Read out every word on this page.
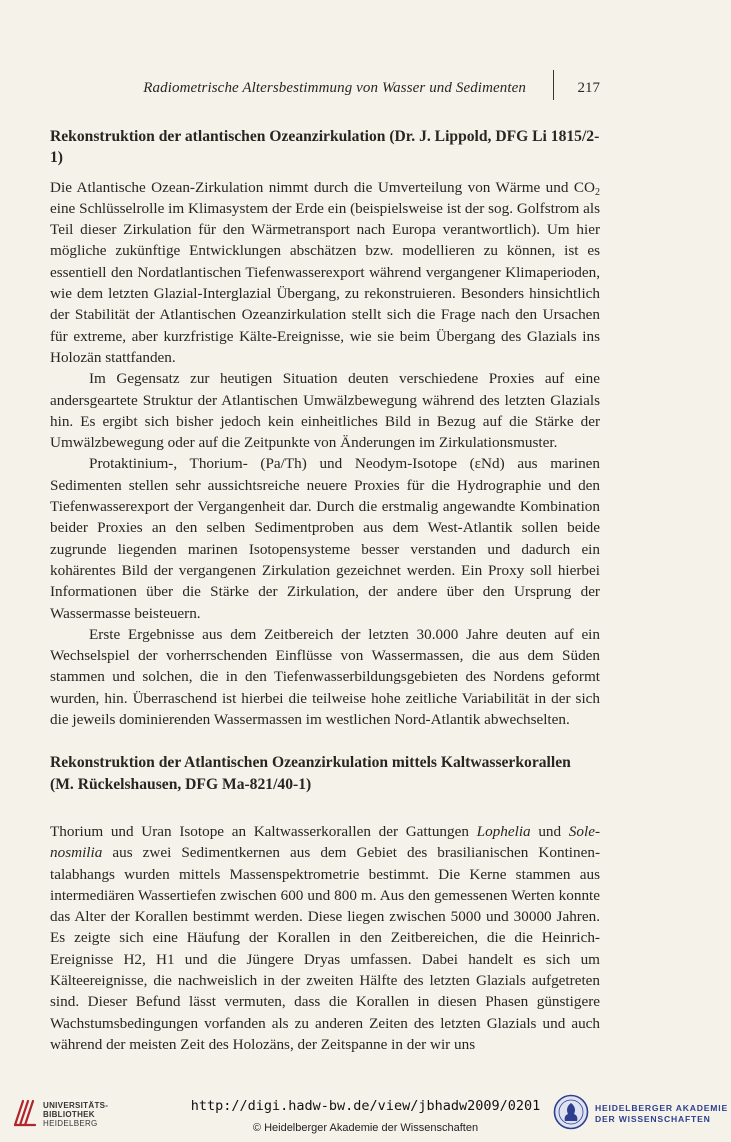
Radiometrische Altersbestimmung von Wasser und Sedimenten	217
Rekonstruktion der atlantischen Ozeanzirkulation (Dr. J. Lippold, DFG Li 1815/2-1)

Die Atlantische Ozean-Zirkulation nimmt durch die Umverteilung von Wärme und $CO_2$ eine Schlüsselrolle im Klimasystem der Erde ein (beispielsweise ist der sog. Golfstrom als Teil dieser Zirkulation für den Wärmetransport nach Europa verantwortlich). Um hier mögliche zukünftige Entwicklungen abschätzen bzw. modellieren zu können, ist es essentiell den Nordatlantischen Tiefenwasserexport während vergangener Klimaperioden, wie dem letzten Glazial-Interglazial Übergang, zu rekonstruieren. Besonders hinsichtlich der Stabilität der Atlantischen Ozeanzirkulation stellt sich die Frage nach den Ursachen für extreme, aber kurzfristige Kälte-Ereignisse, wie sie beim Übergang des Glazials ins Holozän stattfanden.

Im Gegensatz zur heutigen Situation deuten verschiedene Proxies auf eine andersgeartete Struktur der Atlantischen Umwälzbewegung während des letzten Glazials hin. Es ergibt sich bisher jedoch kein einheitliches Bild in Bezug auf die Stärke der Umwälzbewegung oder auf die Zeitpunkte von Änderungen im Zirkulationsmuster.

Protaktinium-, Thorium- (Pa/Th) und Neodym-Isotope (εNd) aus marinen Sedimenten stellen sehr aussichtsreiche neuere Proxies für die Hydrographie und den Tiefenwasserexport der Vergangenheit dar. Durch die erstmalig angewandte Kombination beider Proxies an den selben Sedimentproben aus dem West-Atlantik sollen beide zugrunde liegenden marinen Isotopensysteme besser verstanden und dadurch ein kohärentes Bild der vergangenen Zirkulation gezeichnet werden. Ein Proxy soll hierbei Informationen über die Stärke der Zirkulation, der andere über den Ursprung der Wassermasse beisteuern.

Erste Ergebnisse aus dem Zeitbereich der letzten 30.000 Jahre deuten auf ein Wechselspiel der vorherrschenden Einflüsse von Wassermassen, die aus dem Süden stammen und solchen, die in den Tiefenwasserbildungsgebieten des Nordens geformt wurden, hin. Überraschend ist hierbei die teilweise hohe zeitliche Variabilität in der sich die jeweils dominierenden Wassermassen im westlichen Nord-Atlantik abwechselten.

Rekonstruktion der Atlantischen Ozeanzirkulation mittels Kaltwasserkorallen
(M. Rückelshausen, DFG Ma-821/40-1)

Thorium und Uran Isotope an Kaltwasserkorallen der Gattungen Lophelia und Solenosmilia aus zwei Sedimentkernen aus dem Gebiet des brasilianischen Kontinentalabhangs wurden mittels Massenspektrometrie bestimmt. Die Kerne stammen aus intermediären Wassertiefen zwischen 600 und 800 m. Aus den gemessenen Werten konnte das Alter der Korallen bestimmt werden. Diese liegen zwischen 5000 und 30000 Jahren. Es zeigte sich eine Häufung der Korallen in den Zeitbereichen, die die Heinrich-Ereignisse H2, H1 und die Jüngere Dryas umfassen. Dabei handelt es sich um Kälteereignisse, die nachweislich in der zweiten Hälfte des letzten Glazials aufgetreten sind. Dieser Befund lässt vermuten, dass die Korallen in diesen Phasen günstigere Wachstumsbedingungen vorfanden als zu anderen Zeiten des letzten Glazials und auch während der meisten Zeit des Holozäns, der Zeitspanne in der wir uns

UNIVERSITÄTS-
BIBLIOTHEK
HEIDELBERG
http://digi.hadw-bw.de/view/jbhadw2009/0201
© Heidelberger Akademie der Wissenschaften
HEIDELBERGER AKADEMIE
DER WISSENSCHAFTEN
